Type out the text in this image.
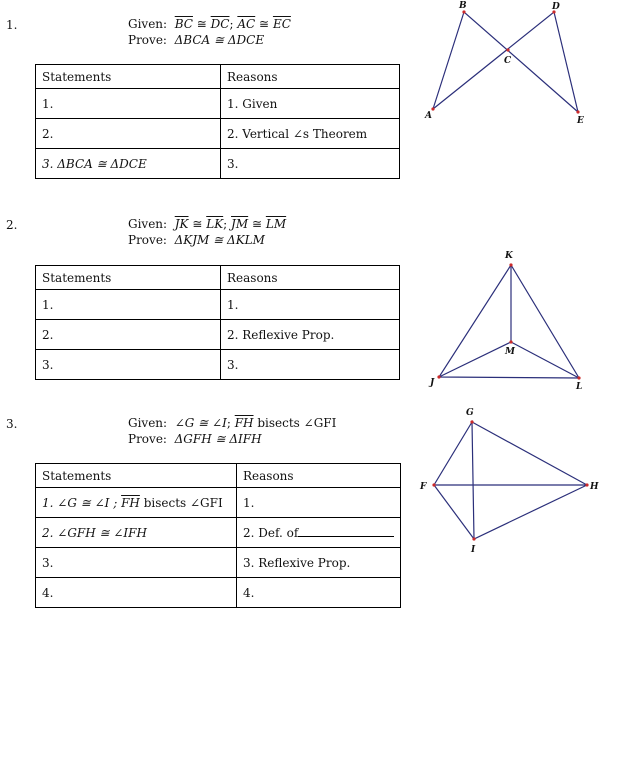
1.	Given: $\overline{BC}$ ≅ $\overline{DC}$; $\overline{AC}$ ≅ $\overline{EC}$
Prove: ΔBCA ≅ ΔDCE
Statements	Reasons
1.	1. Given
2.	2. Vertical ∠s Theorem
3. ΔBCA ≅ ΔDCE	3.
B	D
C
A	E
2.	Given: $\overline{JK}$ ≅ $\overline{LK}$; $\overline{JM}$ ≅ $\overline{LM}$
Prove: ΔKJM ≅ ΔKLM
Statements	Reasons
1.	1.
2.	2. Reflexive Prop.
3.	3.
K
M
J	L
3.	Given: ∠G ≅ ∠I; $\overline{FH}$ bisects ∠GFI
Prove: ΔGFH ≅ ΔIFH
Statements	Reasons
1. ∠G ≅ ∠I ; $\overline{FH}$ bisects ∠GFI	1.
2. ∠GFH ≅ ∠IFH	2. Def. of
3.	3. Reflexive Prop.
4.	4.
G
F	H
I
